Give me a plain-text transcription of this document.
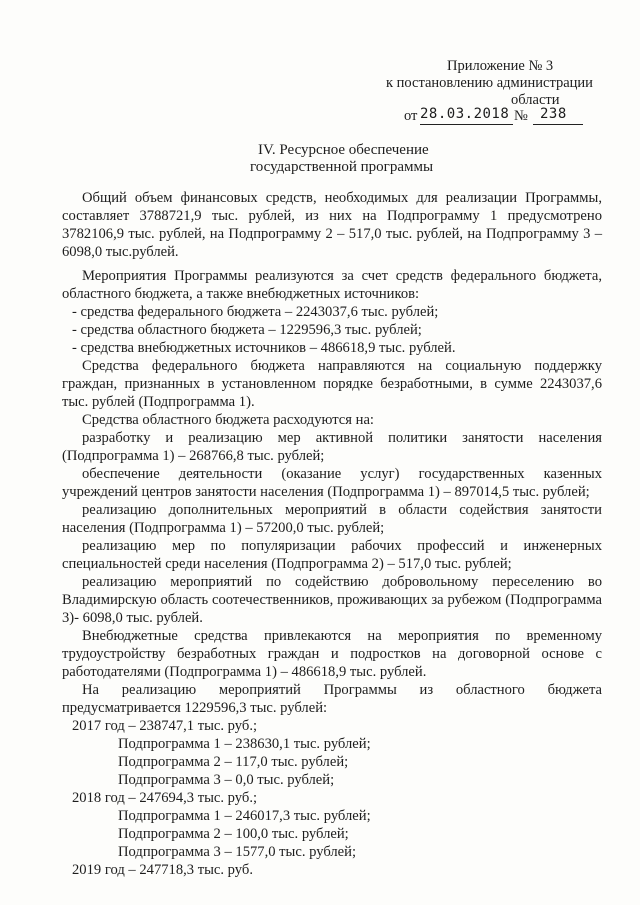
Приложение № 3
к постановлению администрации
области
от 28.03.2018 № 238
IV. Ресурсное обеспечение
государственной программы

Общий объем финансовых средств, необходимых для реализации Программы, составляет 3788721,9 тыс. рублей, из них на Подпрограмму 1 предусмотрено 3782106,9 тыс. рублей, на Подпрограмму 2 – 517,0 тыс. рублей, на Подпрограмму 3 – 6098,0 тыс.рублей.

Мероприятия Программы реализуются за счет средств федерального бюджета, областного бюджета, а также внебюджетных источников:

- средства федерального бюджета – 2243037,6 тыс. рублей;

- средства областного бюджета – 1229596,3 тыс. рублей;

- средства внебюджетных источников – 486618,9 тыс. рублей.

Средства федерального бюджета направляются на социальную поддержку граждан, признанных в установленном порядке безработными, в сумме 2243037,6 тыс. рублей (Подпрограмма 1).

Средства областного бюджета расходуются на:

разработку и реализацию мер активной политики занятости населения (Подпрограмма 1) – 268766,8 тыс. рублей;

обеспечение деятельности (оказание услуг) государственных казенных учреждений центров занятости населения (Подпрограмма 1) – 897014,5 тыс. рублей;

реализацию дополнительных мероприятий в области содействия занятости населения (Подпрограмма 1) – 57200,0 тыс. рублей;

реализацию мер по популяризации рабочих профессий и инженерных специальностей среди населения (Подпрограмма 2) – 517,0 тыс. рублей;

реализацию мероприятий по содействию добровольному переселению во Владимирскую область соотечественников, проживающих за рубежом (Подпрограмма 3)- 6098,0 тыс. рублей.

Внебюджетные средства привлекаются на мероприятия по временному трудоустройству безработных граждан и подростков на договорной основе с работодателями (Подпрограмма 1) – 486618,9 тыс. рублей.

На реализацию мероприятий Программы из областного бюджета предусматривается 1229596,3 тыс. рублей:

2017 год – 238747,1 тыс. руб.;

Подпрограмма 1 – 238630,1 тыс. рублей;

Подпрограмма 2 – 117,0 тыс. рублей;

Подпрограмма 3 – 0,0 тыс. рублей;

2018 год – 247694,3 тыс. руб.;

Подпрограмма 1 – 246017,3 тыс. рублей;

Подпрограмма 2 – 100,0 тыс. рублей;

Подпрограмма 3 – 1577,0 тыс. рублей;

2019 год – 247718,3 тыс. руб.
